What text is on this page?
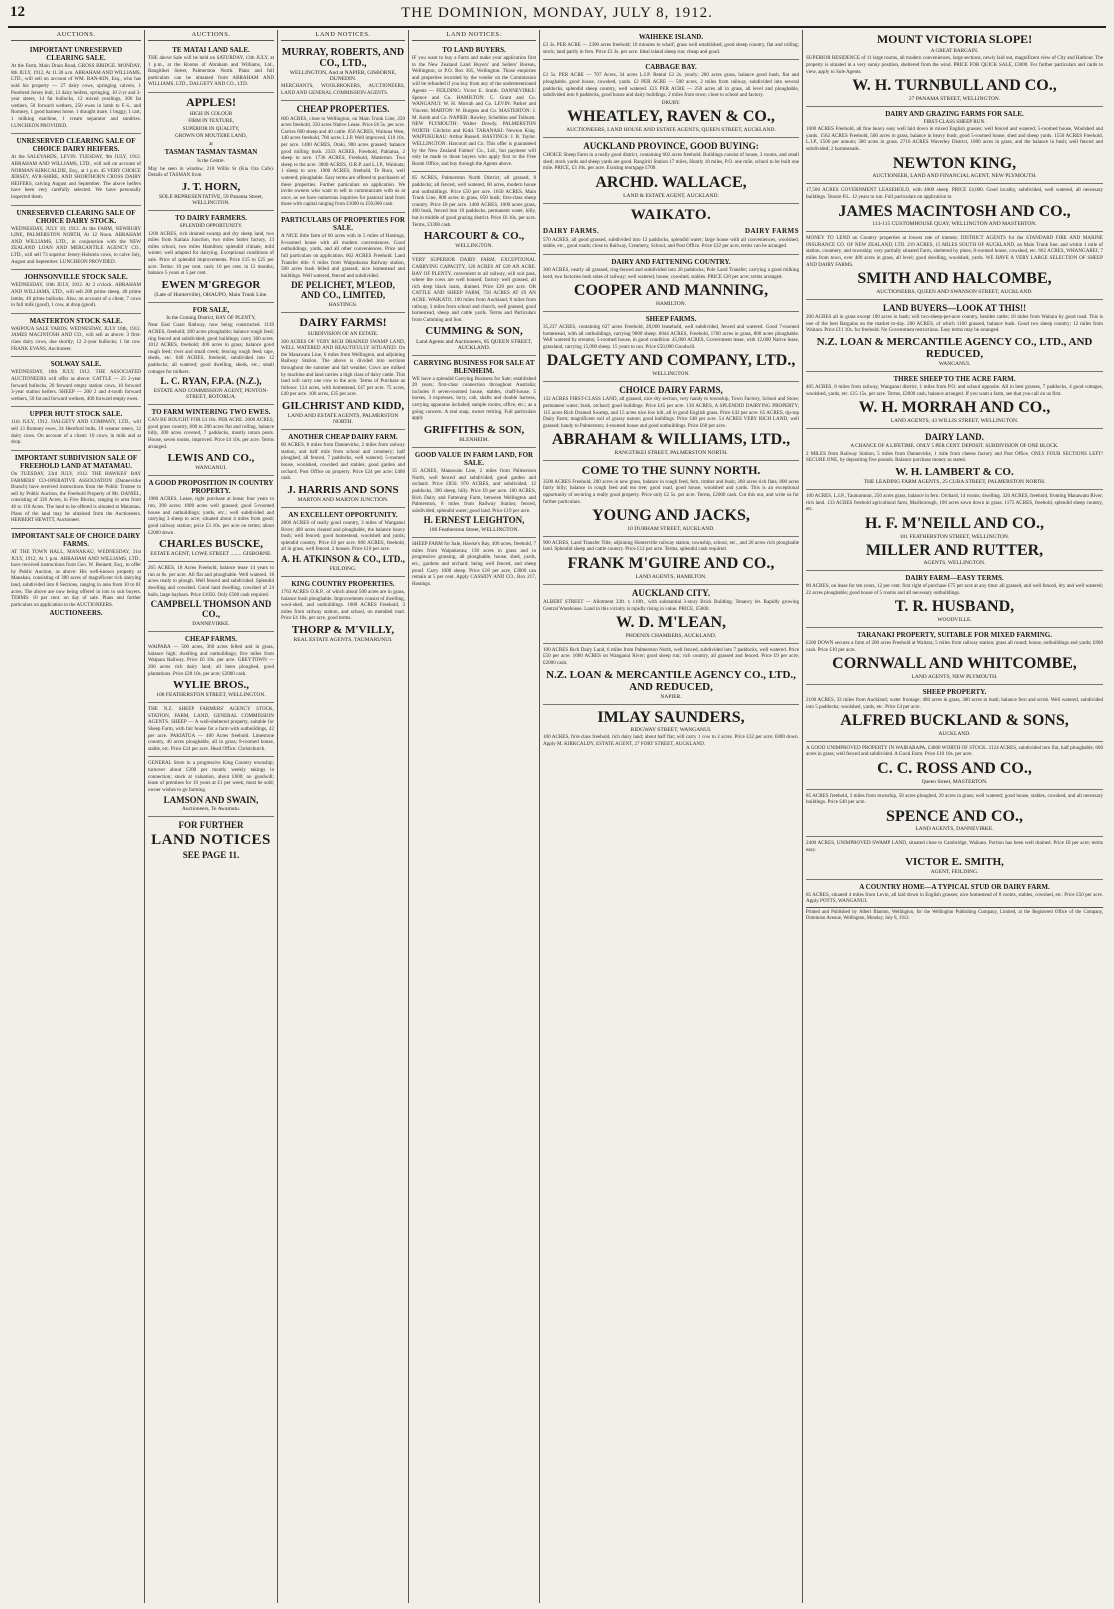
12	THE DOMINION, MONDAY, JULY 8, 1912.
AUCTIONS.
IMPORTANT UNRESERVED CLEARING SALE.
At the Farm, Main Drain Road, GROSS BRIDGE. MONDAY, 8th JULY, 1912, At 11.30 a.m. ABRAHAM AND WILLIAMS, LTD., will sell on account of WM. RAN-KIN, Esq., who has sold his property — 27 dairy cows, springing calvers, 1 Purebred Jersey bull, 12 dairy heifers, springing, 10 2-yr and 3-year steers, 14 fat bullocks, 12 mixed yearlings, 300 fat wethers, 50 forward wethers, 250 ewes in lamb to F.-L. and Romney, 1 good harness horse, 1 draught mare, 1 buggy, 1 cart, 1 milking machine, 1 cream separator and sundries. LUNCHEON PROVIDED.
UNRESERVED CLEARING SALE OF CHOICE DAIRY HEIFERS.
At the SALEYARDS, LEVIN. TUESDAY, 9th JULY, 1912. ABRAHAM AND WILLIAMS, LTD., will sell on account of NORMAN KIRKCALDIE, Esq., at 1 p.m. 45 VERY CHOICE JERSEY, AYR-SHIRE, AND SHORTHORN CROSS DAIRY HEIFERS, calving August and September. The above heifers have been very carefully selected. We have personally inspected them.
UNRESERVED CLEARING SALE OF CHOICE DAIRY STOCK.
WEDNESDAY, JULY 10, 1912. At the FARM, NEWBURY LINE, PALMERSTON NORTH, At 12 Noon. ABRAHAM AND WILLIAMS, LTD., in conjunction with the NEW ZEALAND LOAN AND MERCANTILE AGENCY CO., LTD., will sell 73 superior Jersey-Holstein cows, to calve July, August and September. LUNCHEON PROVIDED.
JOHNSONVILLE STOCK SALE.
WEDNESDAY, 10th JULY, 1912. At 2 o'clock. ABRAHAM AND WILLIAMS, LTD., will sell 200 prime sheep, 40 prime lambs, 40 prime bullocks. Also, on account of a client, 7 cows in full milk (good), 1 cow, at drop (good).
MASTERTON STOCK SALE.
WAIPOUA SALE YARDS. WEDNESDAY, JULY 10th, 1912. JAMES MACINTOSH AND CO., will sell as above: 3 first-class dairy cows, due shortly; 12 2-year bullocks; 1 fat cow. FRANK EVANS, Auctioneer.
SOLWAY SALE.
WEDNESDAY, 10th JULY, 1912. THE ASSOCIATED AUCTIONEERS will offer as above: CATTLE — 25 2-year forward bullocks, 20 forward empty station cows, 10 forward 3-year station heifers. SHEEP — 200 2 and 4-tooth forward wethers, 50 fat and forward wethers, 400 forward empty ewes.
UPPER HUTT STOCK SALE.
11th JULY, 1912. DALGETY AND COMPANY, LTD., will sell 13 Romney ewes, 24 Hereford bulls, 19 weaner steers, 12 dairy cows. On account of a client: 10 cows, in milk and at drop.
IMPORTANT SUBDIVISION SALE OF FREEHOLD LAND AT MATAMAU.
On TUESDAY, 23rd JULY, 1912. THE HAWKES' BAY FARMERS' CO-OPERATIVE ASSOCIATION (Dannevirke Branch) have received instructions from the Public Trustee to sell by Public Auction, the Freehold Property of Mr. DANIEL, consisting of 326 Acres, in Five Blocks, ranging in area from 46 to 118 Acres. The land to be offered is situated at Matamau. Plans of the land may be obtained from the Auctioneers. HERBERT HEWITT, Auctioneer.
IMPORTANT SALE OF CHOICE DAIRY FARMS.
AT THE TOWN HALL, MANAKAU, WEDNESDAY, 31st JULY, 1912, At 1 p.m. ABRAHAM AND WILLIAMS, LTD., have received instructions from Geo. W. Bennett, Esq., to offer by Public Auction, as above: His well-known property at Manakau, consisting of 380 acres of magnificent rich dairying land, subdivided into 8 Sections, ranging in area from 10 to 81 acres. The above are now being offered in lots to suit buyers. TERMS: 10 per cent. on day of sale. Plans and further particulars on application to the AUCTIONEERS.
AUCTIONEERS.
AUCTIONS.
TE MATAI LAND SALE.
THE above Sale will be held on SATURDAY, 13th JULY, at 1 p.m., at the Rooms of Abraham and Williams, Ltd., Rangitikei Street, Palmerston North. Plans and full particulars can be obtained from ABRAHAM AND WILLIAMS, LTD., DALGETY AND CO., LTD.
APPLES!
HIGH IN COLOUR
FIRM IN TEXTURE,
SUPERIOR IN QUALITY,
GROWN ON MOUTERE LAND,
at
TASMAN TASMAN TASMAN
Is the Centre.
May be seen in window, 218 Willis St (Kia Ora Cafe). Details of TASMAN from
J. T. HORN,
SOLE REPRESENTATIVE, 59 Panama Street, WELLINGTON.
TO DAIRY FARMERS.
SPLENDID OPPORTUNITY.
1200 ACRES, rich drained swamp and dry sheep land, two miles from Kaitaia Junction, two miles butter factory, 13 miles school, two miles Hamilton; splendid climate, mild winter; well adapted for dairying. Exceptional conditions of sale. Price of splendid improvements. Price £15 to £25 per acre. Terms: 10 per cent. cash; 10 per cent. in 12 months; balance 5 years at 5 per cent.
EWEN M'GREGOR
(Late of Hunterville), OHAUPO, Main Trunk Line.
FOR SALE,
In the Coming District, BAY OF PLENTY,
Near East Coast Railway, now being constructed. 1139 ACRES, freehold; 200 acres ploughable; balance rough feed; ring fenced and subdivided; good buildings; carry 300 acres. 1012 ACRES, freehold; 400 acres in grass; balance good rough feed; river and small creek; fencing rough feed; tape, sheds, etc. 640 ACRES, freehold, subdivided into 12 paddocks; all watered; good dwelling, sheds, etc.; small cottages for milkers.
L. C. RYAN, F.P.A. (N.Z.),
ESTATE AND COMMISSION AGENT, PENTON-STREET, ROTORUA.
TO FARM WINTERING TWO EWES.
CAN BE BOUGHT FOR £4 10s. PER ACRE. 2000 ACRES, good grass country, 600 to 200 acres flat and rolling, balance hilly, 300 acres covered, 7 paddocks, mostly totara posts. House, seven rooms, improved. Price £4 10s. per acre. Terms arranged.
LEWIS AND CO.,
WANGANUI.
A GOOD PROPOSITION IN COUNTRY PROPERTY.
1980 ACRES, Lease, right purchase at lease; four years to run, 390 acres; 1000 acres well grassed; good 5-roomed house and outbuildings; yards, etc.; well subdivided and carrying 3 sheep to acre; situated about 4 miles from good; good railway station; price £3 10s. per acre on terms; about £2000 down.
CHARLES BUSCKE,
ESTATE AGENT, LOWE STREET ........ GISBORNE.
265 ACRES, 18 Acres Freehold, balance lease 14 years to run at 8s. per acre. All flat and ploughable. Well watered. 18 acres ready to plough. Well fenced and subdivided. Splendid dwelling and cowshed. Good land dwelling, cowshed of 24 bails, large haybarn. Price £1050. Only £500 cash required.
CAMPBELL THOMSON AND CO.,
DANNEVIRKE.
CHEAP FARMS.
WAIPARA — 500 acres, 360 acres felled and in grass, balance high; dwelling and outbuildings; five miles from Waipara Railway. Price £6 10s. per acre. GREYTOWN — 200 acres rich dairy land; all been ploughed, good plantations. Price £28 10s. per acre; £2000 cash.
WYLIE BROS.,
108 FEATHERSTON STREET, WELLINGTON.
THE N.Z. SHEEP FARMERS' AGENCY STOCK, STATION, FARM, LAND, GENERAL COMMISSION AGENTS. SHEEP — A well-sheltered property, suitable for Sheep Farm, with fair house for a farm with outbuildings, 42 per acre. PAKIATUA — 400 Acres freehold. Limestone country, 40 acres ploughable, all in grass; 8-roomed house, stable, etc. Price £24 per acre. Head Office: Christchurch.
GENERAL Store in a progressive King Country township; turnover about £200 per month; weekly takings in connection; stock at valuation, about £600; no goodwill; lease of premises for 10 years at £1 per week; must be sold; owner wishes to go farming.
LAMSON AND SWAIN,
Auctioneers, Te Awamutu.
FOR FURTHER
LAND NOTICES
SEE PAGE 11.
LAND NOTICES.
MURRAY, ROBERTS, AND CO., LTD.,
WELLINGTON, And at NAPIER, GISBORNE, DUNEDIN.
MERCHANTS, WOOLBROKERS, AUCTIONEERS, LAND AND GENERAL COMMISSION AGENTS.
CHEAP PROPERTIES.
600 ACRES, close to Wellington, on Main Trunk Line, 250 acres freehold, 350 acres Native Lease. Price £6 5s. per acre. Carries 600 sheep and 40 cattle. 850 ACRES, Waituna West, 140 acres freehold, 700 acres L.I.P. Well improved, £10 10s. per acre. 1400 ACRES, Otaki, 900 acres grassed; balance good milling bush. 2333 ACRES, Freehold, Pahiatua, 2 sheep to acre. 1736 ACRES, Freehold, Masterton. Two sheep to the acre. 3000 ACRES, O.R.P. and L.I.P., Waimata; 1 sheep to acre. 1000 ACRES, freehold, Te Ruru, well watered; ploughable. Easy terms are offered to purchasers of these properties. Further particulars on application. We invite owners who want to sell to communicate with us at once, as we have numerous inquiries for pastoral land from those with capital ranging from £1000 to £50,000 cash.
PARTICULARS OF PROPERTIES FOR SALE.
A NICE little farm of 60 acres with in 5 miles of Hastings, 8-roomed house with all modern conveniences. Good outbuildings, yards, and all other conveniences. Price and full particulars on application. 662 ACRES Freehold. Land Transfer title. 6 miles from Waipukurau Railway station, 500 acres bush felled and grassed; nice homestead and buildings. Well watered, fenced and subdivided.
DE PELICHET, M'LEOD, AND CO., LIMITED,
HASTINGS.
DAIRY FARMS!
SUBDIVISION OF AN ESTATE.
300 ACRES OF VERY RICH DRAINED SWAMP LAND, WELL WATERED AND BEAUTIFULLY SITUATED. On the Manawatu Line, 6 miles from Wellington, and adjoining Railway Station. The above is divided into sections throughout the summer and fall weather. Cows are milked by machine and land carries a high class of dairy cattle. This land will carry one cow to the acre. Terms of Purchase as follows: 124 acres, with homestead, £47 per acre. 75 acres, £40 per acre. 100 acres, £35 per acre.
GILCHRIST AND KIDD,
LAND AND ESTATE AGENTS, PALMERSTON NORTH.
ANOTHER CHEAP DAIRY FARM.
80 ACRES, 8 miles from Dannevirke, 2 miles from railway station, and half mile from school and creamery; half ploughed, all fenced, 7 paddocks, well watered; 5-roomed house, woolshed, cowshed and stables; good garden and orchard. Post Office on property. Price £24 per acre; £400 cash.
J. HARRIS AND SONS
MARTON AND MARTON JUNCTION.
AN EXCELLENT OPPORTUNITY.
2800 ACRES of really good country, 3 miles of Wanganui River; 400 acres cleared and ploughable, the balance heavy bush; well fenced; good homestead, woolshed and yards; splendid country. Price £6 per acre. 800 ACRES, freehold, all in grass, well fenced. 2 houses. Price £10 per acre.
A. H. ATKINSON & CO., LTD.,
FEILDING.
KING COUNTRY PROPERTIES.
1763 ACRES O.R.P., of which about 500 acres are in grass, balance bush ploughable. Improvements consist of dwelling, wool-shed, and outbuildings. 1600 ACRES Freehold, 3 miles from railway station, and school, on metalled road. Price £4 10s. per acre, good terms.
THORP & M'VILLY,
REAL ESTATE AGENTS, TAUMARUNUI.
LAND NOTICES.
TO LAND BUYERS.
IF you want to buy a Farm and make your application first to the New Zealand Land Buyers' and Sellers' Bureau, Wellington, or P.O. Box 305, Wellington. Those enquiries and properties recorded by the vendor on the Commission will be refunded if you buy from any of the undermentioned Agents — FEILDING: Victor E. Smith. DANNEVIRKE: Spence and Co. HAMILTON: C. Grant and Co. WANGANUI: W. H. Morrah and Co. LEVIN: Parker and Vincent. MARTON: W. Burgess and Co. MASTERTON: J. M. Keith and Co. NAPIER: Rowley, Schelbles and Tolhurst. NEW PLYMOUTH: Walter Dowdy. PALMERSTON NORTH: Gilchrist and Kidd. TARANAKI: Newton King. WAIPUKURAU: Arthur Russell. HASTINGS: J. B. Taylor. WELLINGTON: Harcourt and Co. This offer is guaranteed by the New Zealand Farmer' Co., Ltd., but payment will only be made to those buyers who apply first to the Free Booth Office, and buy through the Agents above.
85 ACRES, Palmerston North District, all grassed, 8 paddocks; all fenced, well watered, 60 acres, modern house and outbuildings. Price £50 per acre. 1650 ACRES, Main Trunk Line, 800 acres in grass, 850 bush; first-class sheep country. Price £8 per acre. 1460 ACRES, 1000 acres grass, 460 bush, fenced into 10 paddocks, permanent water, hilly, but in middle of good grazing district. Price £6 10s. per acre. Terms, £3300 cash.
HARCOURT & CO.,
WELLINGTON.
VERY SUPERIOR DAIRY FARM, EXCEPTIONAL CARRYING CAPACITY, 120 ACRES AT £20 AN ACRE. BAY OF PLENTY, convenient to all railway, will suit pass, where the cows are well housed; factory well grassed, all rich deep black loam, drained. Price £20 per acre. OR CATTLE AND SHEEP FARM, 750 ACRES AT £9 AN ACRE. WAIKATO, 100 miles from Auckland, 8 miles from railway, 3 miles from school and church, well grassed, good homestead, sheep and cattle yards. Terms and Particulars from Cumming and Son.
CUMMING & SON,
Land Agents and Auctioneers, 85 QUEEN STREET, AUCKLAND.
CARRYING BUSINESS FOR SALE AT BLENHEIM.
WE have a splendid Carrying Business for Sale; established 20 years; first-class connection throughout Australia; includes 8 seven-roomed house, stables, chaff-house, 5 horses, 3 expresses, lorry, cab, shafts and double harness, carrying apparatus included; sample rooms, office, etc.; as a going concern. A real snap, owner retiring. Full particulars apply
GRIFFITHS & SON,
BLENHEIM.
GOOD VALUE IN FARM LAND, FOR SALE.
35 ACRES, Manawatu Line, 2 miles from Palmerston North, well fenced and subdivided; good garden and orchard. Price £850. 970 ACRES, and subdivided, 12 paddocks, 300 sheep, hilly. Price £8 per acre. 100 ACRES, Rich Dairy and Fattening Farm, between Wellington and Palmerston, 8 miles from Railway Station; fenced, subdivided, splendid water; good land. Price £19 per acre.
H. ERNEST LEIGHTON,
180 Featherston Street, WELLINGTON.
SHEEP FARM for Sale, Hawke's Bay, 400 acres, freehold, 7 miles from Waipukurau; 130 acres in grass and in progressive grassing, all ploughable, house, shed, yards, etc., gardens and orchard; being well fenced, and sheep proof. Carry 1000 sheep. Price £18 per acre, £3000 can remain at 5 per cent. Apply CASSIDY AND CO., Box 217, Hastings.
WAIHEKE ISLAND.
£3 3s. PER ACRE — 2300 acres freehold; 10 minutes to wharf; grass well established; good sheep country, flat and rolling; stock; land partly in fern. Price £3 3s. per acre. Ideal island sheep run; cheap and good.
CABBAGE BAY.
£3 5s. PER ACRE — 707 Acres, 34 acres L.I.P. Rental £3 2s. yearly; 200 acres grass, balance good bush, flat and ploughable, good house, cowshed, yards. £2 PER ACRE — 500 acres, 2 miles from railway, subdivided into several paddocks, splendid sheep country, well watered. £25 PER ACRE — 250 acres all in grass, all level and ploughable, subdivided into 6 paddocks, good house and dairy buildings; 2 miles from town; close to school and factory.
DRURY.
WHEATLEY, RAVEN & CO.,
AUCTIONEERS, LAND HOUSE AND ESTATE AGENTS, QUEEN STREET, AUCKLAND.
AUCKLAND PROVINCE, GOOD BUYING:
CHOICE Sheep Farm in a really good district, containing 602 acres freehold. Buildings consist of house, 3 rooms, and small shed; stock yards and sheep yards are good. Rangiriri Station 17 miles, Huntly 18 miles, P.O. one mile, school to be built one mile. PRICE, £3 10s. per acre. Existing mortgage £700.
ARCHD. WALLACE,
LAND & ESTATE AGENT, AUCKLAND.
WAIKATO.
DAIRY FARMS.	DAIRY FARMS
570 ACRES, all good grassed, subdivided into 12 paddocks, splendid water; large house with all conveniences, woolshed, stable, etc., good roads; close to Railway, Creamery, School, and Post Office. Price £22 per acre, terms can be arranged.
DAIRY AND FATTENING COUNTRY.
300 ACRES, nearly all grassed, ring-fenced and subdivided into 20 paddocks; Pole Land Transfer; carrying a good milking herd, two factories both sides of railway; well watered, house, cowshed, stables. PRICE £20 per acre; terms arranged.
COOPER AND MANNING,
HAMILTON.
SHEEP FARMS.
35,237 ACRES, containing 627 acres Freehold, 28,000 leasehold, well subdivided, fenced and watered. Good 7-roomed homestead, with all outbuildings, carrying 9000 sheep. 6044 ACRES, Freehold, 1700 acres in grass, 800 acres ploughable. Well watered by streams; 5-roomed house, in good condition. 45,000 ACRES, Government lease, with 12,000 Native lease, grassland, carrying 15,000 sheep. 15 years to run. Price £50,000 Goodwill.
DALGETY AND COMPANY, LTD.,
WELLINGTON.
CHOICE DAIRY FARMS,
132 ACRES FIRST-CLASS LAND, all grassed, nice dry section, very handy to township, Town Factory, School and Store; permanent water; bush, orchard; good buildings. Price £45 per acre. 130 ACRES, A SPLENDID DAIRYING PROPERTY; 115 acres Rich Drained Swamp, and 15 acres nice low hill, all in good English grass. Price £42 per acre. 65 ACRES, tip-top Dairy Farm; magnificent soil of grassy nature; good buildings. Price £48 per acre. 54 ACRES VERY RICH LAND, well grassed; handy to Palmerston; 4-roomed house and good outbuildings. Price £60 per acre.
ABRAHAM & WILLIAMS, LTD.,
RANGITIKEI STREET, PALMERSTON NORTH.
COME TO THE SUNNY NORTH.
3500 ACRES Freehold, 200 acres in new grass, balance in rough feed, fern, timber and bush; 200 acres rich flats, 800 acres fairly hilly; balance in rough feed and tea tree; good road, good house, woolshed and yards. This is an exceptional opportunity of securing a really good property. Price only £2 5s. per acre. Terms, £2000 cash. Cut this out, and write us for further particulars.
YOUNG AND JACKS,
10 DURHAM STREET, AUCKLAND.
900 ACRES, Land Transfer Title, adjoining Hunterville railway station, township, school, etc., and 20 acres rich ploughable land. Splendid sheep and cattle country. Price £12 per acre. Terms, splendid cash required.
FRANK M'GUIRE AND CO.,
LAND AGENTS, HAMILTON.
AUCKLAND CITY.
ALBERT STREET — Allotment 33ft. x 110ft., with substantial 3-story Brick Building. Tenancy let. Rapidly growing Central Warehouse. Land in this vicinity is rapidly rising in value. PRICE, £5000.
W. D. M'LEAN,
PHOENIX CHAMBERS, AUCKLAND.
100 ACRES Rich Dairy Land, 6 miles from Palmerston North, well fenced, subdivided into 7 paddocks, well watered. Price £50 per acre. 1600 ACRES on Wanganui River; good sheep run; rich country, all grassed and fenced. Price £9 per acre; £2000 cash.
N.Z. LOAN & MERCANTILE AGENCY CO., LTD., AND REDUCED,
NAPIER.
IMLAY SAUNDERS,
RIDGWAY STREET, WANGANUI.
100 ACRES, first-class freehold, rich dairy land; about half flat; will carry 1 cow to 2 acres. Price £32 per acre; £800 down. Apply M. KIRKCALDY, ESTATE AGENT, 27 FORT STREET, AUCKLAND.
MOUNT VICTORIA SLOPE!
A GREAT BARGAIN.
SUPERIOR RESIDENCE of 11 large rooms, all modern conveniences, large sections, newly laid out, magnificent view of City and Harbour. The property is situated in a very sunny position, sheltered from the wind. PRICE FOR QUICK SALE, £3000. For further particulars and cards to view, apply to Sole Agents.
W. H. TURNBULL AND CO.,
27 PANAMA STREET, WELLINGTON.
DAIRY AND GRAZING FARMS FOR SALE.
FIRST-CLASS SHEEP RUN.
1600 ACRES Freehold, all fine heavy easy well laid down in mixed English grasses; well fenced and watered; 5-roomed house, Woolshed and yards. 1562 ACRES Freehold, 500 acres in grass, balance in heavy bush; good 5-roomed house, shed and sheep yards. 1550 ACRES Freehold, L.I.P., £500 per annum; 300 acres in grass. 2716 ACRES Waverley District, 1000 acres in grass, and the balance in bush; well fenced and subdivided; 2 homesteads.
NEWTON KING,
AUCTIONEER, LAND AND FINANCIAL AGENT, NEW PLYMOUTH.
17,500 ACRES GOVERNMENT LEASEHOLD, with 4000 sheep. PRICE £4,000. Good locality, subdivided, well watered, all necessary buildings. Tenure P.L. 12 years to run. Full particulars on application to
JAMES MACINTOSH AND CO.,
113-115 CUSTOMHOUSE QUAY, WELLINGTON AND MASTERTON.
MONEY TO LEND on Country properties at lowest rate of interest. DISTRICT AGENTS for the STANDARD FIRE AND MARINE INSURANCE CO. OF NEW ZEALAND, LTD. 219 ACRES, 15 MILES SOUTH OF AUCKLAND, on Main Trunk line, and within 1 mile of station, creamery, and township; very partially situated Farm, sheltered by pines; 8-roomed house, cowshed, etc. 662 ACRES, WHANGAREI; 7 miles from town, over 400 acres in grass, all level; good dwelling, woolshed, yards. WE HAVE A VERY LARGE SELECTION OF SHEEP AND DAIRY FARMS.
SMITH AND HALCOMBE,
AUCTIONEERS, QUEEN AND SWANSON STREET, AUCKLAND.
LAND BUYERS—LOOK AT THIS!!
200 ACRES all in grass except 100 acres in bush; will two-sheep-per-acre country, besides cattle; 10 miles from Waitara by good road. This is one of the best Bargains on the market to-day. 200 ACRES, of which 1100 grassed, balance bush. Good two sheep country; 12 miles from Waitara. Price £11 10s. for freehold. No Government restrictions. Easy terms may be arranged.
N.Z. LOAN & MERCANTILE AGENCY CO., LTD., AND REDUCED,
WANGANUI.
THREE SHEEP TO THE ACRE FARM.
405 ACRES, 8 miles from railway, Wanganui district, 1 miles from P.O. and school opposite. All in best grasses, 7 paddocks, 4 good cottages, woolshed, yards, etc. £15 15s. per acre. Terms, £2000 cash, balance arranged. If you want a farm, see that you call on us first.
W. H. MORRAH AND CO.,
LAND AGENTS, 43 WILLIS STREET, WELLINGTON.
DAIRY LAND.
A CHANCE OF A LIFETIME. ONLY 5 PER CENT. DEPOSIT. SUBDIVISION OF ONE BLOCK.
2 MILES from Railway Station, 5 miles from Dannevirke, 1 mile from cheese factory and Post Office. ONLY FOUR SECTIONS LEFT! SECURE ONE, by depositing five pounds. Balance purchase money as stated.
W. H. LAMBERT & CO.
THE LEADING FARM AGENTS, 25 CUBA STREET, PALMERSTON NORTH.
100 ACRES, L.I.P., Taumarunui, 250 acres grass, balance in fern. Orchard, 14 rooms, dwelling. 320 ACRES, freehold, fronting Manawatu River; rich land. 133 ACRES freehold agricultural farm, Marlborough, 100 acres sown down in grass. 1175 ACRES, freehold, splendid sheep country, etc.
H. F. M'NEILL AND CO.,
101 FEATHERSTON STREET, WELLINGTON.
MILLER AND RUTTER,
AGENTS, WELLINGTON.
DAIRY FARM—EASY TERMS.
80 ACRES, on lease for ten years, 12 per cent. first right of purchase £75 per acre at any time: all grassed, and well fenced, dry and well watered; 22 acres ploughable; good house of 5 rooms and all necessary outbuildings.
T. R. HUSBAND,
WOODVILLE.
TARANAKI PROPERTY, SUITABLE FOR MIXED FARMING.
£200 DOWN secures a farm of 200 acres Freehold at Waitara, 5 miles from railway station; grass all round; house, outbuildings and yards; £800 cash. Price £10 per acre.
CORNWALL AND WHITCOMBE,
LAND AGENTS, NEW PLYMOUTH.
SHEEP PROPERTY.
2100 ACRES, 33 miles from Auckland; water frontage; 400 acres in grass, 300 acres in bush; balance fern and scrub. Well watered, subdivided into 5 paddocks; woolshed, yards, etc. Price £4 per acre.
ALFRED BUCKLAND & SONS,
AUCKLAND.
A GOOD UNIMPROVED PROPERTY IN WAIRARAPA, £3000 WORTH OF STOCK. 2124 ACRES, subdivided into flat, half ploughable, 600 acres in grass; well fenced and subdivided. A Good Farm. Price £10 10s. per acre.
C. C. ROSS AND CO.,
Queen Street, MASTERTON.
85 ACRES freehold, 3 miles from township, 50 acres ploughed, 20 acres in grass; well watered; good house, stables, cowshed, and all necessary buildings. Price £40 per acre.
SPENCE AND CO.,
LAND AGENTS, DANNEVIRKE.
2400 ACRES, UNIMPROVED SWAMP LAND, situated close to Cambridge, Waikato. Portion has been well drained. Price £8 per acre; terms easy.
VICTOR E. SMITH,
AGENT, FEILDING.
A COUNTRY HOME—A TYPICAL STUD OR DAIRY FARM.
85 ACRES, situated 4 miles from Levin, all laid down in English grasses; nice homestead of 8 rooms, stables, cowshed, etc. Price £50 per acre. Apply POTTS, WANGANUI.
Printed and Published by Albert Blanton, Wellington, for the Wellington Publishing Company, Limited, at the Registered Office of the Company, Dominion Avenue, Wellington, Monday, July 8, 1912.
